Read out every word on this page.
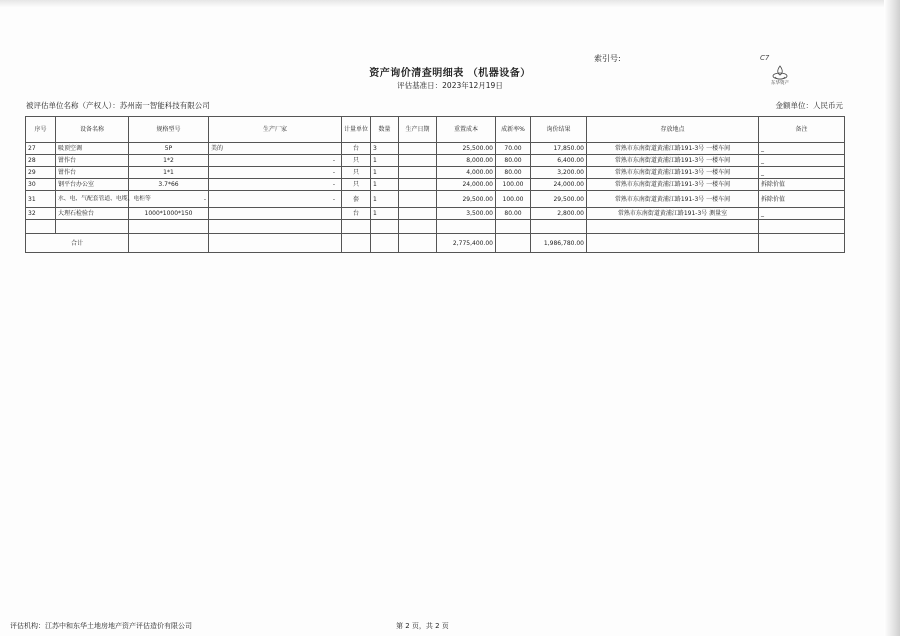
索引号:	C7
东华资产
资产询价清查明细表 （机器设备）
评估基准日：2023年12月19日
被评估单位名称（产权人）：苏州南一智能科技有限公司	金额单位：人民币元
序号	设备名称	规格型号	生产厂家	计量单位	数量	生产日期	重置成本	成新率%	询价结果	存放地点	备注
27	吸顶空调	5P	美的	台	3		25,500.00	70.00	17,850.00	常熟市东南街道黄浦江路191-3号 一楼车间	_
28	钳作台	1*2	-	只	1		8,000.00	80.00	6,400.00	常熟市东南街道黄浦江路191-3号 一楼车间	_
29	钳作台	1*1	-	只	1		4,000.00	80.00	3,200.00	常熟市东南街道黄浦江路191-3号 一楼车间	_
30	钢平台办公室	3.7*66	-	只	1		24,000.00	100.00	24,000.00	常熟市东南街道黄浦江路191-3号 一楼车间	拆除价值
31	水、电、气配套管道、电缆、电柜等	-	-	套	1		29,500.00	100.00	29,500.00	常熟市东南街道黄浦江路191-3号 一楼车间	拆除价值
32	大理石检验台	1000*1000*150		台	1		3,500.00	80.00	2,800.00	常熟市东南街道黄浦江路191-3号 测量室	_

合计							2,775,400.00		1,986,780.00		
评估机构：江苏中和东华土地房地产资产评估造价有限公司	第 2 页，共 2 页
